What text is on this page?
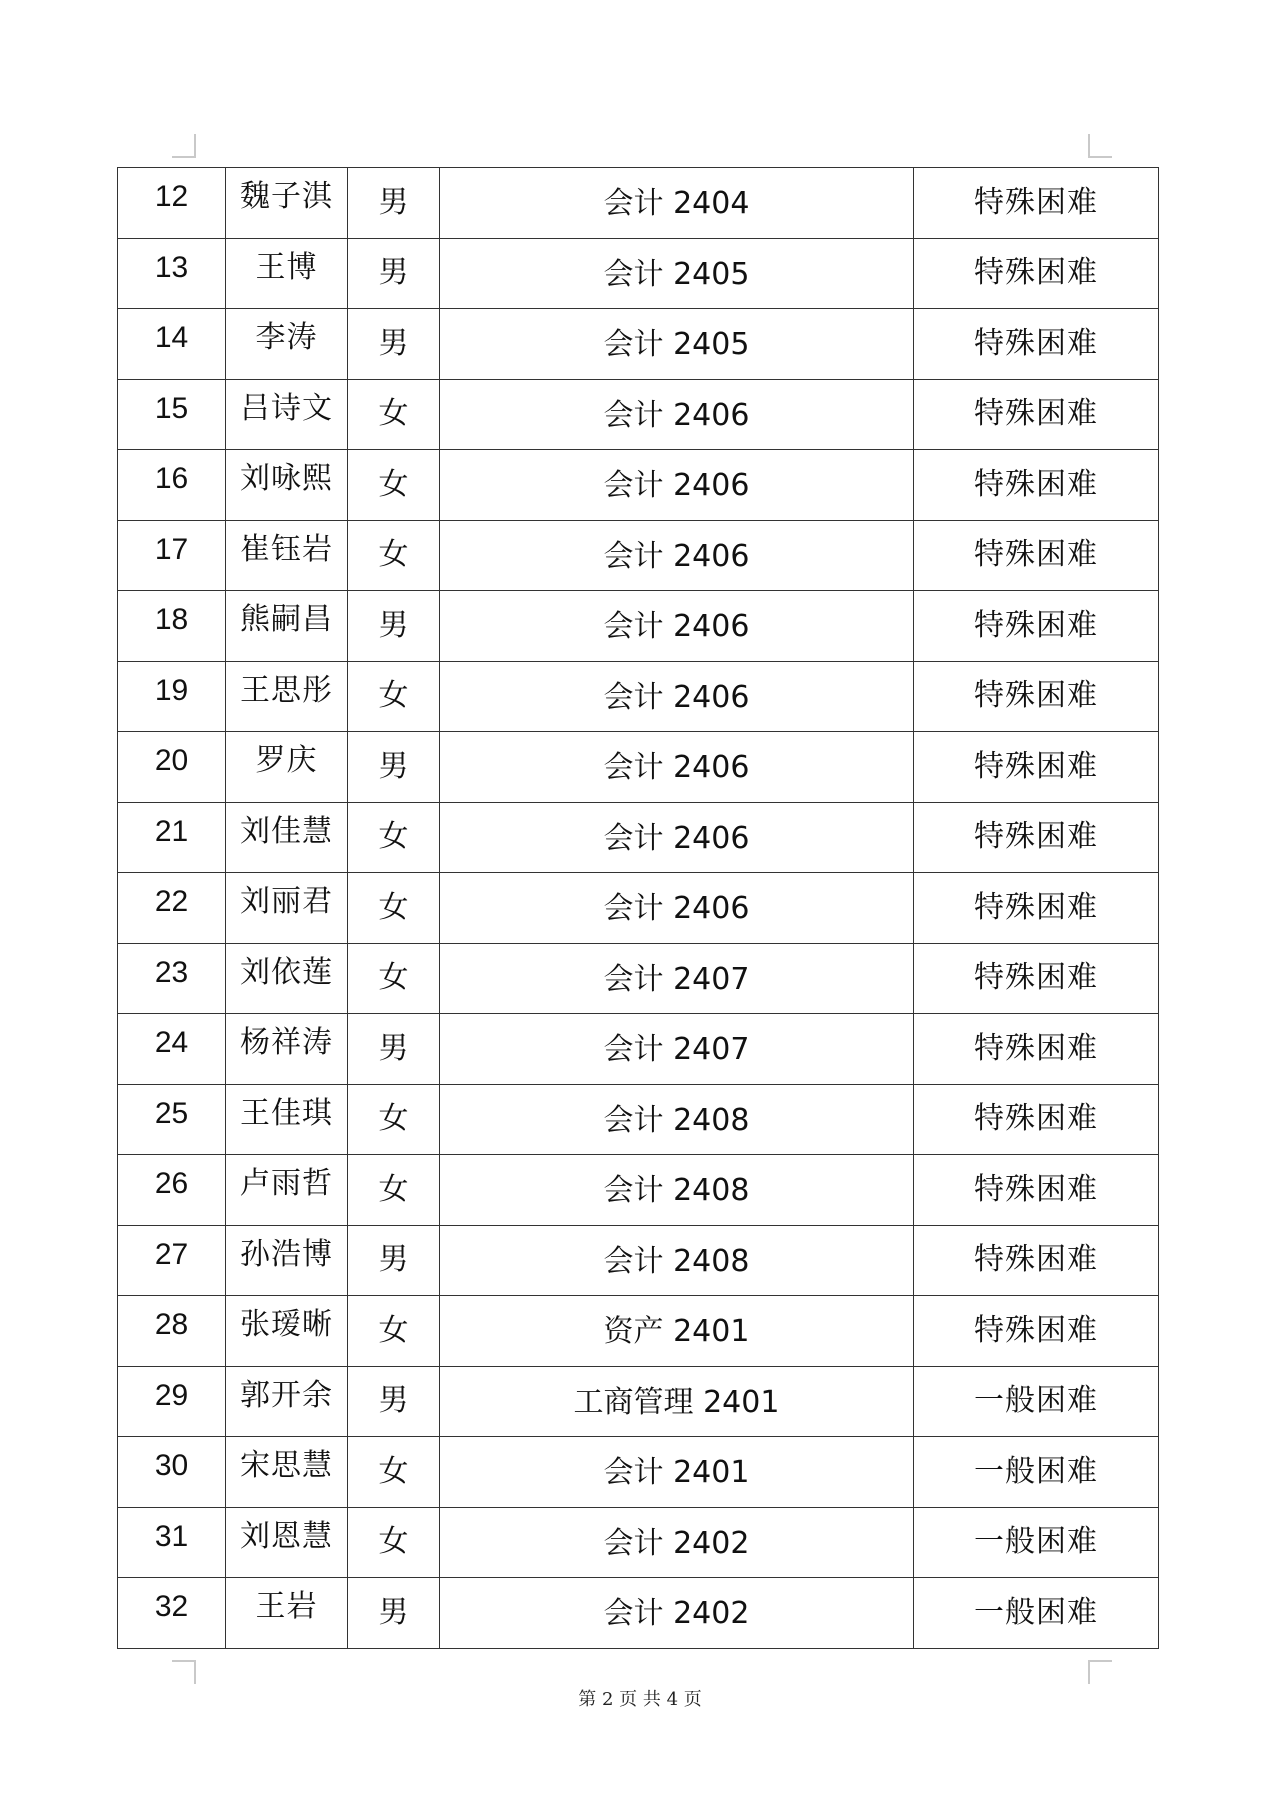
12	魏子淇	男	会计 2404	特殊困难
13	王博	男	会计 2405	特殊困难
14	李涛	男	会计 2405	特殊困难
15	吕诗文	女	会计 2406	特殊困难
16	刘咏熙	女	会计 2406	特殊困难
17	崔钰岩	女	会计 2406	特殊困难
18	熊嗣昌	男	会计 2406	特殊困难
19	王思彤	女	会计 2406	特殊困难
20	罗庆	男	会计 2406	特殊困难
21	刘佳慧	女	会计 2406	特殊困难
22	刘丽君	女	会计 2406	特殊困难
23	刘依莲	女	会计 2407	特殊困难
24	杨祥涛	男	会计 2407	特殊困难
25	王佳琪	女	会计 2408	特殊困难
26	卢雨哲	女	会计 2408	特殊困难
27	孙浩博	男	会计 2408	特殊困难
28	张瑷晰	女	资产 2401	特殊困难
29	郭开余	男	工商管理 2401	一般困难
30	宋思慧	女	会计 2401	一般困难
31	刘恩慧	女	会计 2402	一般困难
32	王岩	男	会计 2402	一般困难
第 2 页 共 4 页
